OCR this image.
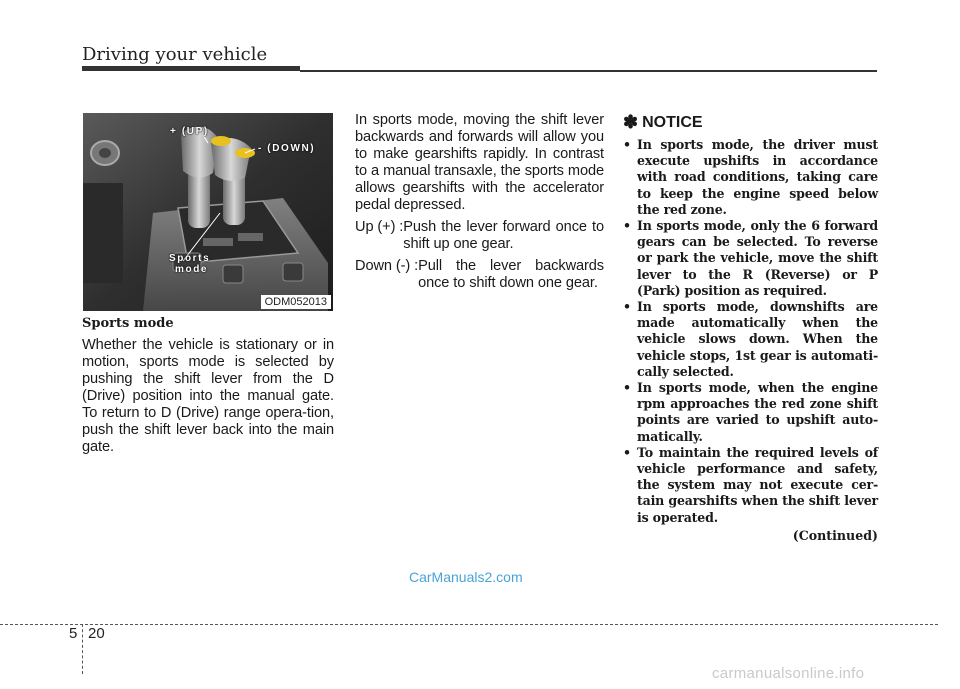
Driving your vehicle
+ (UP)
- (DOWN)
Sports
mode
ODM052013
Sports mode

Whether the vehicle is stationary or in motion, sports mode is selected by pushing the shift lever from the D (Drive) position into the manual gate. To return to D (Drive) range opera-tion, push the shift lever back into the main gate.

In sports mode, moving the shift lever backwards and forwards will allow you to make gearshifts rapidly. In contrast to a manual transaxle, the sports mode allows gearshifts with the accelerator pedal depressed.

Up (+) : Push the lever forward once to shift up one gear.
Down (-) : Pull the lever backwards once to shift down one gear.
✽ NOTICE
• In sports mode, the driver must execute upshifts in accordance with road conditions, taking care to keep the engine speed below the red zone.
• In sports mode, only the 6 forward gears can be selected. To reverse or park the vehicle, move the shift lever to the R (Reverse) or P (Park) position as required.
• In sports mode, downshifts are made automatically when the vehicle slows down. When the vehicle stops, 1st gear is automati-cally selected.
• In sports mode, when the engine rpm approaches the red zone shift points are varied to upshift auto-matically.
• To maintain the required levels of vehicle performance and safety, the system may not execute cer-tain gearshifts when the shift lever is operated.
(Continued)
CarManuals2.com
5 20
carmanualsonline.info
